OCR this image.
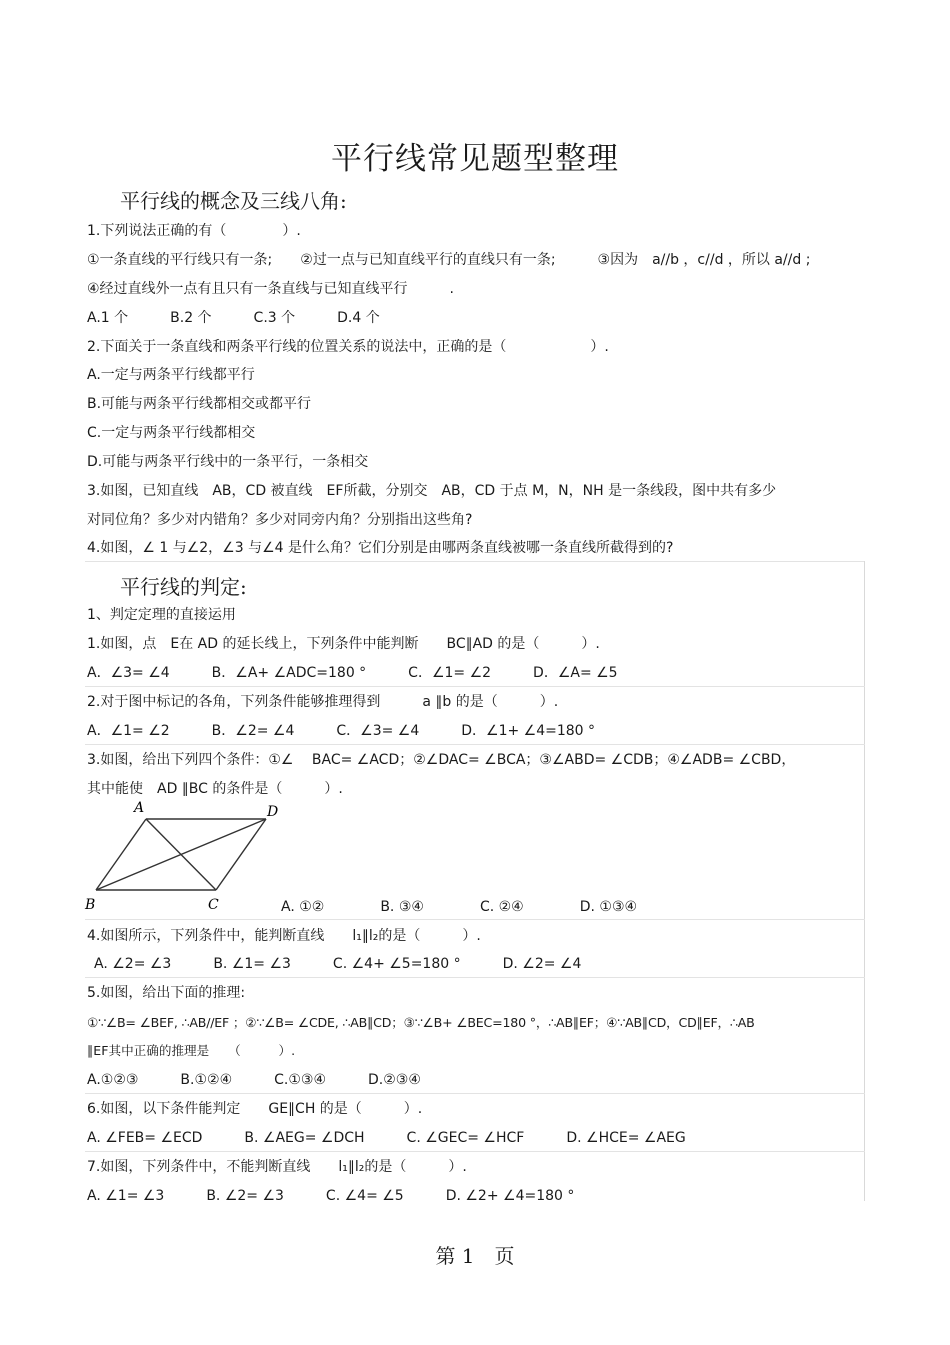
平行线常见题型整理
平行线的概念及三线八角:
1.下列说法正确的有（　　　　）.
①一条直线的平行线只有一条;　　②过一点与已知直线平行的直线只有一条;　　　③因为　a//b ，c//d ，所以 a//d ;
④经过直线外一点有且只有一条直线与已知直线平行　　　.
A.1 个　　　B.2 个　　　C.3 个　　　D.4 个
2.下面关于一条直线和两条平行线的位置关系的说法中，正确的是（　　　　　　）.
A.一定与两条平行线都平行
B.可能与两条平行线都相交或都平行
C.一定与两条平行线都相交
D.可能与两条平行线中的一条平行，一条相交
3.如图，已知直线　AB，CD 被直线　EF所截，分别交　AB，CD 于点 M，N，NH 是一条线段，图中共有多少
对同位角？多少对内错角？多少对同旁内角？分别指出这些角?
4.如图，∠ 1 与∠2，∠3 与∠4 是什么角？它们分别是由哪两条直线被哪一条直线所截得到的?
平行线的判定:
1、判定定理的直接运用
1.如图，点　E在 AD 的延长线上，下列条件中能判断　　BC∥AD 的是（　　　）.
A．∠3= ∠4　　　B．∠A+ ∠ADC=180 °　　　C．∠1= ∠2　　　D．∠A= ∠5
2.对于图中标记的各角，下列条件能够推理得到　　　a ∥b 的是（　　　）.
A．∠1= ∠2　　　B．∠2= ∠4　　　C．∠3= ∠4　　　D．∠1+ ∠4=180 °
3.如图，给出下列四个条件：①∠　 BAC= ∠ACD；②∠DAC= ∠BCA；③∠ABD= ∠CDB；④∠ADB= ∠CBD，
其中能使　AD ∥BC 的条件是（　　　）.
A	D
B	C	A. ①②　　　　B. ③④　　　　C. ②④　　　　D. ①③④
4.如图所示，下列条件中，能判断直线　　l₁∥l₂的是（　　　）.
A. ∠2= ∠3　　　B. ∠1= ∠3　　　C. ∠4+ ∠5=180 °　　　D. ∠2= ∠4
5.如图，给出下面的推理:
①∵∠B= ∠BEF, ∴AB//EF ；②∵∠B= ∠CDE, ∴AB∥CD；③∵∠B+ ∠BEC=180 °，∴AB∥EF；④∵AB∥CD，CD∥EF，∴AB
∥EF其中正确的推理是　　（　　　）.
A.①②③　　　B.①②④　　　C.①③④　　　D.②③④
6.如图，以下条件能判定　　GE∥CH 的是（　　　）.
A. ∠FEB= ∠ECD　　　B. ∠AEG= ∠DCH　　　C. ∠GEC= ∠HCF　　　D. ∠HCE= ∠AEG
7.如图，下列条件中，不能判断直线　　l₁∥l₂的是（　　　）.
A. ∠1= ∠3　　　B. ∠2= ∠3　　　C. ∠4= ∠5　　　D. ∠2+ ∠4=180 °
第 1　页
